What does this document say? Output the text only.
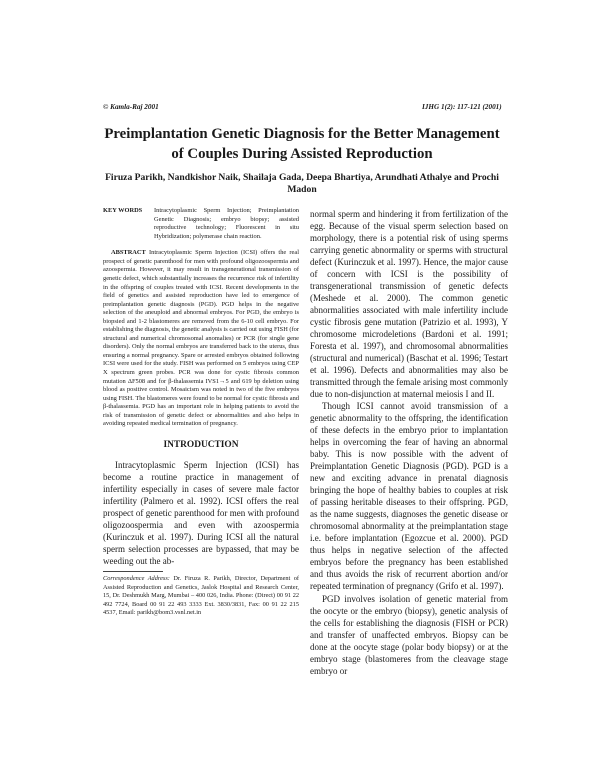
© Kamla-Raj 2001	IJHG 1(2): 117-121 (2001)
Preimplantation Genetic Diagnosis for the Better Management of Couples During Assisted Reproduction
Firuza Parikh, Nandkishor Naik, Shailaja Gada, Deepa Bhartiya, Arundhati Athalye and Prochi Madon
KEY WORDS	Intracytoplasmic Sperm Injection; Preimplantation Genetic Diagnosis; embryo biopsy; assisted reproductive technology; Fluorescent in situ Hybridization; polymerase chain reaction.
ABSTRACT Intracytoplasmic Sperm Injection (ICSI) offers the real prospect of genetic parenthood for men with profound oligozoospermia and azoospermia. However, it may result in transgenerational transmission of genetic defect, which substantially increases the recurrence risk of infertility in the offspring of couples treated with ICSI. Recent developments in the field of genetics and assisted reproduction have led to emergence of preimplantation genetic diagnosis (PGD). PGD helps in the negative selection of the aneuploid and abnormal embryos. For PGD, the embryo is biopsied and 1-2 blastomeres are removed from the 6-10 cell embryo. For establishing the diagnosis, the genetic analysis is carried out using FISH (for structural and numerical chromosomal anomalies) or PCR (for single gene disorders). Only the normal embryos are transferred back to the uterus, thus ensuring a normal pregnancy. Spare or arrested embryos obtained following ICSI were used for the study. FISH was performed on 5 embryos using CEP X spectrum green probes. PCR was done for cystic fibrosis common mutation ΔF508 and for β-thalassemia IVS1→5 and 619 bp deletion using blood as positive control. Mosaicism was noted in two of the five embryos using FISH. The blastomeres were found to be normal for cystic fibrosis and β-thalassemia. PGD has an important role in helping patients to avoid the risk of transmission of genetic defect or abnormalities and also helps in avoiding repeated medical termination of pregnancy.
INTRODUCTION
Intracytoplasmic Sperm Injection (ICSI) has become a routine practice in management of infertility especially in cases of severe male factor infertility (Palmero et al. 1992). ICSI offers the real prospect of genetic parenthood for men with profound oligozoospermia and even with azoospermia (Kurinczuk et al. 1997). During ICSI all the natural sperm selection processes are bypassed, that may be weeding out the ab-
Correspondence Address: Dr. Firuza R. Parikh, Director, Department of Assisted Reproduction and Genetics, Jaslok Hospital and Research Center, 15, Dr. Deshmukh Marg, Mumbai – 400 026, India. Phone: (Direct) 00 91 22 492 7724, Board 00 91 22 493 3333 Ext. 3830/3831, Fax: 00 91 22 215 4537, Email: parikh@bom3.vsnl.net.in

normal sperm and hindering it from fertilization of the egg. Because of the visual sperm selection based on morphology, there is a potential risk of using sperms carrying genetic abnormality or sperms with structural defect (Kurinczuk et al. 1997). Hence, the major cause of concern with ICSI is the possibility of transgenerational transmission of genetic defects (Meshede et al. 2000). The common genetic abnormalities associated with male infertility include cystic fibrosis gene mutation (Patrizio et al. 1993), Y chromosome microdeletions (Bardoni et al. 1991; Foresta et al. 1997), and chromosomal abnormalities (structural and numerical) (Baschat et al. 1996; Testart et al. 1996). Defects and abnormalities may also be transmitted through the female arising most commonly due to non-disjunction at maternal meiosis I and II.

Though ICSI cannot avoid transmission of a genetic abnormality to the offspring, the identification of these defects in the embryo prior to implantation helps in overcoming the fear of having an abnormal baby. This is now possible with the advent of Preimplantation Genetic Diagnosis (PGD). PGD is a new and exciting advance in prenatal diagnosis bringing the hope of healthy babies to couples at risk of passing heritable diseases to their offspring. PGD, as the name suggests, diagnoses the genetic disease or chromosomal abnormality at the preimplantation stage i.e. before implantation (Egozcue et al. 2000). PGD thus helps in negative selection of the affected embryos before the pregnancy has been established and thus avoids the risk of recurrent abortion and/or repeated termination of pregnancy (Grifo et al. 1997).

PGD involves isolation of genetic material from the oocyte or the embryo (biopsy), genetic analysis of the cells for establishing the diagnosis (FISH or PCR) and transfer of unaffected embryos. Biopsy can be done at the oocyte stage (polar body biopsy) or at the embryo stage (blastomeres from the cleavage stage embryo or
